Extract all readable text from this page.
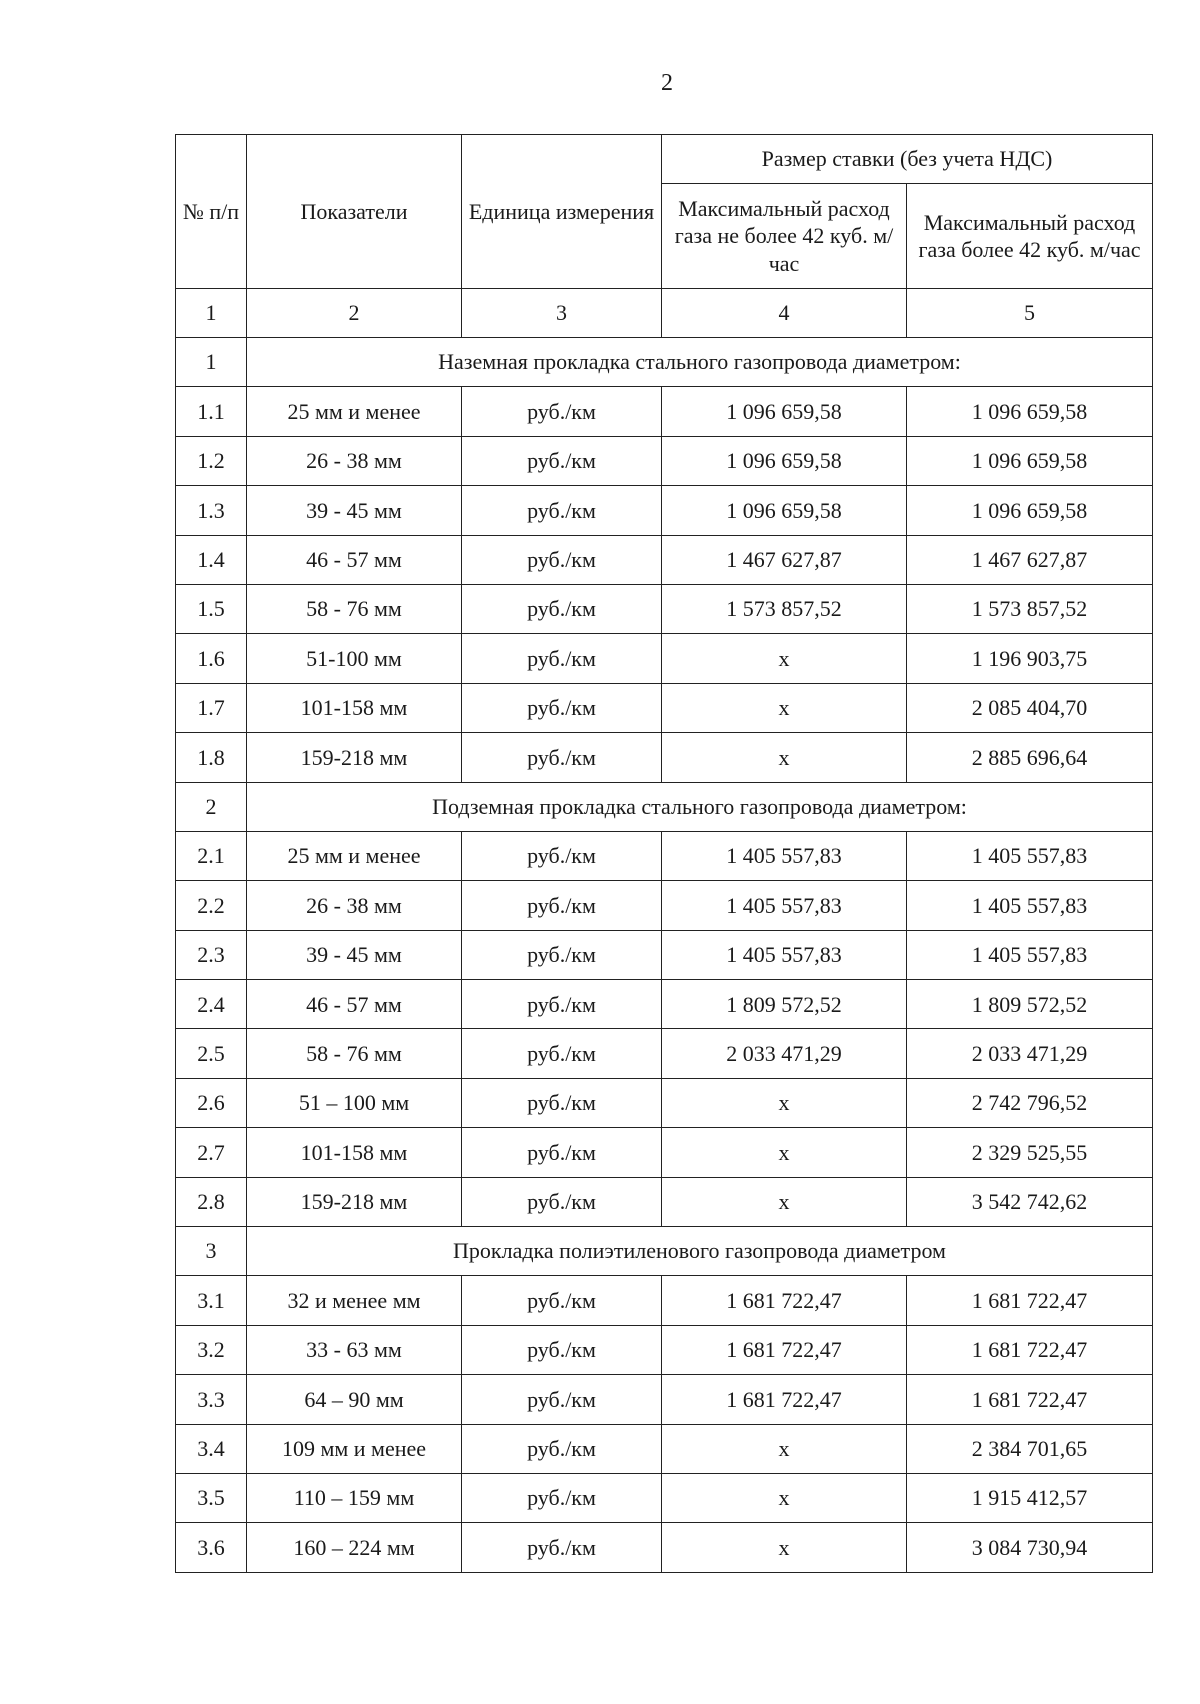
2
№ п/п	Показатели	Единица измерения	Размер ставки (без учета НДС)	
			Максимальный расход газа не более 42 куб. м/час	Максимальный расход газа более 42 куб. м/час
1	2	3	4	5
1	Наземная прокладка стального газопровода диаметром:			
1.1	25 мм и менее	руб./км	1 096 659,58	1 096 659,58
1.2	26 - 38 мм	руб./км	1 096 659,58	1 096 659,58
1.3	39 - 45 мм	руб./км	1 096 659,58	1 096 659,58
1.4	46 - 57 мм	руб./км	1 467 627,87	1 467 627,87
1.5	58 - 76 мм	руб./км	1 573 857,52	1 573 857,52
1.6	51-100 мм	руб./км	х	1 196 903,75
1.7	101-158 мм	руб./км	х	2 085 404,70
1.8	159-218 мм	руб./км	х	2 885 696,64
2	Подземная прокладка стального газопровода диаметром:			
2.1	25 мм и менее	руб./км	1 405 557,83	1 405 557,83
2.2	26 - 38 мм	руб./км	1 405 557,83	1 405 557,83
2.3	39 - 45 мм	руб./км	1 405 557,83	1 405 557,83
2.4	46 - 57 мм	руб./км	1 809 572,52	1 809 572,52
2.5	58 - 76 мм	руб./км	2 033 471,29	2 033 471,29
2.6	51 – 100 мм	руб./км	х	2 742 796,52
2.7	101-158 мм	руб./км	х	2 329 525,55
2.8	159-218 мм	руб./км	х	3 542 742,62
3	Прокладка полиэтиленового газопровода диаметром			
3.1	32 и менее мм	руб./км	1 681 722,47	1 681 722,47
3.2	33 - 63 мм	руб./км	1 681 722,47	1 681 722,47
3.3	64 – 90 мм	руб./км	1 681 722,47	1 681 722,47
3.4	109 мм и менее	руб./км	х	2 384 701,65
3.5	110 – 159 мм	руб./км	х	1 915 412,57
3.6	160 – 224 мм	руб./км	х	3 084 730,94
